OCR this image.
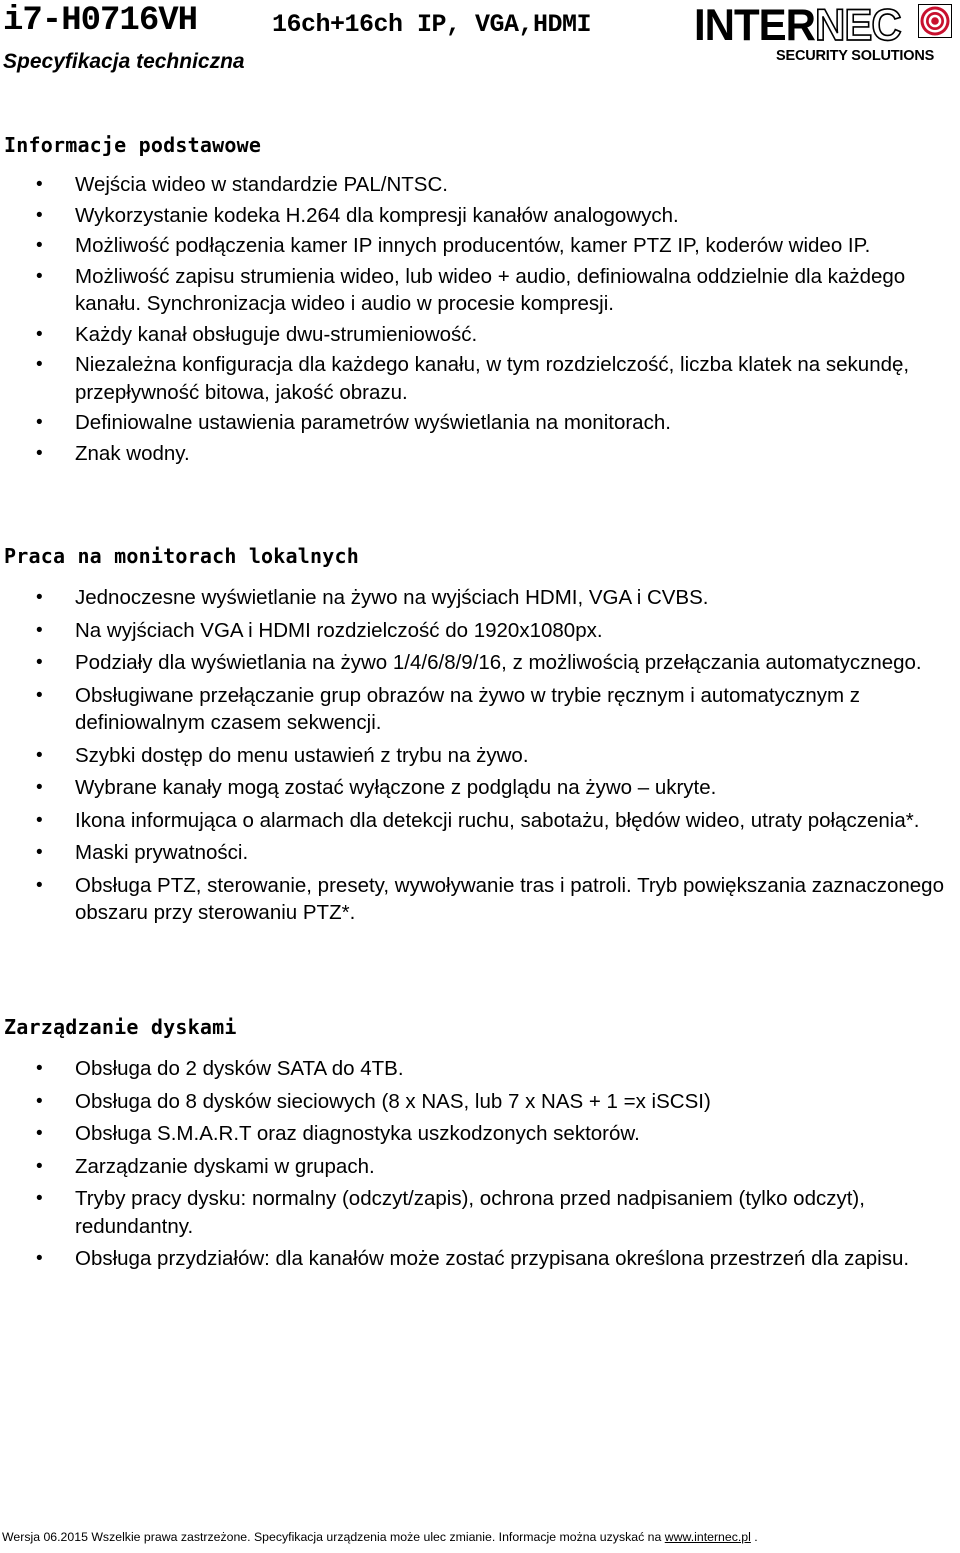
i7-H0716VH	16ch+16ch IP, VGA,HDMI
Specyfikacja techniczna
INTERNEC
SECURITY SOLUTIONS
Informacje podstawowe
• Wejścia wideo w standardzie PAL/NTSC.
• Wykorzystanie kodeka H.264 dla kompresji kanałów analogowych.
• Możliwość podłączenia kamer IP innych producentów, kamer PTZ IP, koderów wideo IP.
• Możliwość zapisu strumienia wideo, lub wideo + audio, definiowalna oddzielnie dla każdego kanału. Synchronizacja wideo i audio w procesie kompresji.
• Każdy kanał obsługuje dwu-strumieniowość.
• Niezależna konfiguracja dla każdego kanału, w tym rozdzielczość, liczba klatek na sekundę, przepływność bitowa, jakość obrazu.
• Definiowalne ustawienia parametrów wyświetlania na monitorach.
• Znak wodny.
Praca na monitorach lokalnych
• Jednoczesne wyświetlanie na żywo na wyjściach HDMI, VGA i CVBS.
• Na wyjściach VGA i HDMI rozdzielczość do 1920x1080px.
• Podziały dla wyświetlania na żywo 1/4/6/8/9/16, z możliwością przełączania automatycznego.
• Obsługiwane przełączanie grup obrazów na żywo w trybie ręcznym i automatycznym z definiowalnym czasem sekwencji.
• Szybki dostęp do menu ustawień z trybu na żywo.
• Wybrane kanały mogą zostać wyłączone z podglądu na żywo – ukryte.
• Ikona informująca o alarmach dla detekcji ruchu, sabotażu, błędów wideo, utraty połączenia*.
• Maski prywatności.
• Obsługa PTZ, sterowanie, presety, wywoływanie tras i patroli. Tryb powiększania zaznaczonego obszaru przy sterowaniu PTZ*.
Zarządzanie dyskami
• Obsługa do 2 dysków SATA do 4TB.
• Obsługa do 8 dysków sieciowych (8 x NAS, lub 7 x NAS + 1 =x iSCSI)
• Obsługa S.M.A.R.T oraz diagnostyka uszkodzonych sektorów.
• Zarządzanie dyskami w grupach.
• Tryby pracy dysku: normalny (odczyt/zapis), ochrona przed nadpisaniem (tylko odczyt), redundantny.
• Obsługa przydziałów: dla kanałów może zostać przypisana określona przestrzeń dla zapisu.
Wersja 06.2015 Wszelkie prawa zastrzeżone. Specyfikacja urządzenia może ulec zmianie. Informacje można uzyskać na www.internec.pl .
